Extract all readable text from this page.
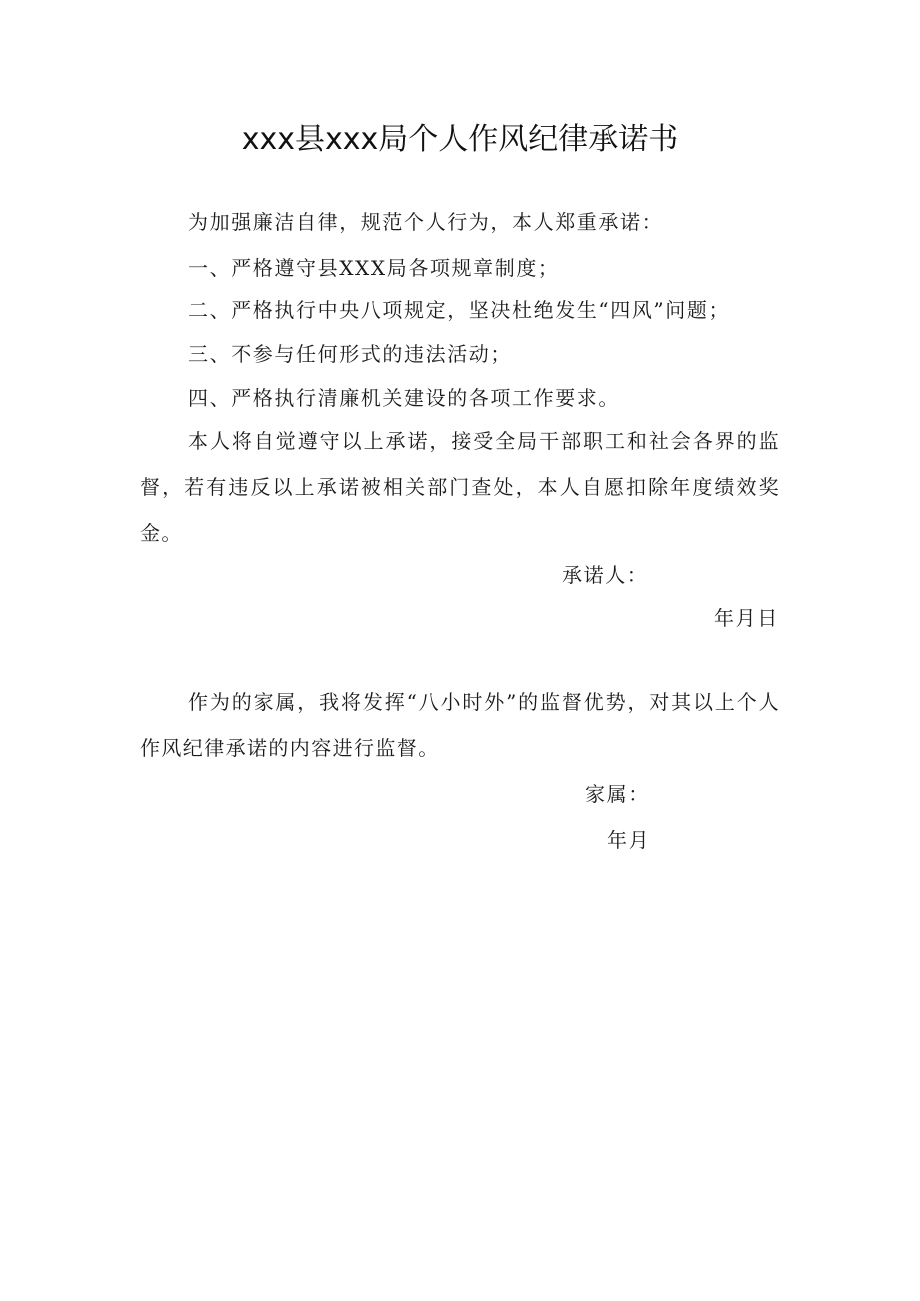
xxx县xxx局个人作风纪律承诺书
为加强廉洁自律，规范个人行为，本人郑重承诺：
一、严格遵守县XXX局各项规章制度；
二、严格执行中央八项规定，坚决杜绝发生“四风”问题；
三、不参与任何形式的违法活动；
四、严格执行清廉机关建设的各项工作要求。
本人将自觉遵守以上承诺，接受全局干部职工和社会各界的监督，若有违反以上承诺被相关部门查处，本人自愿扣除年度绩效奖金。
承诺人：
年月日
作为的家属，我将发挥“八小时外”的监督优势，对其以上个人作风纪律承诺的内容进行监督。
家属：
年月
